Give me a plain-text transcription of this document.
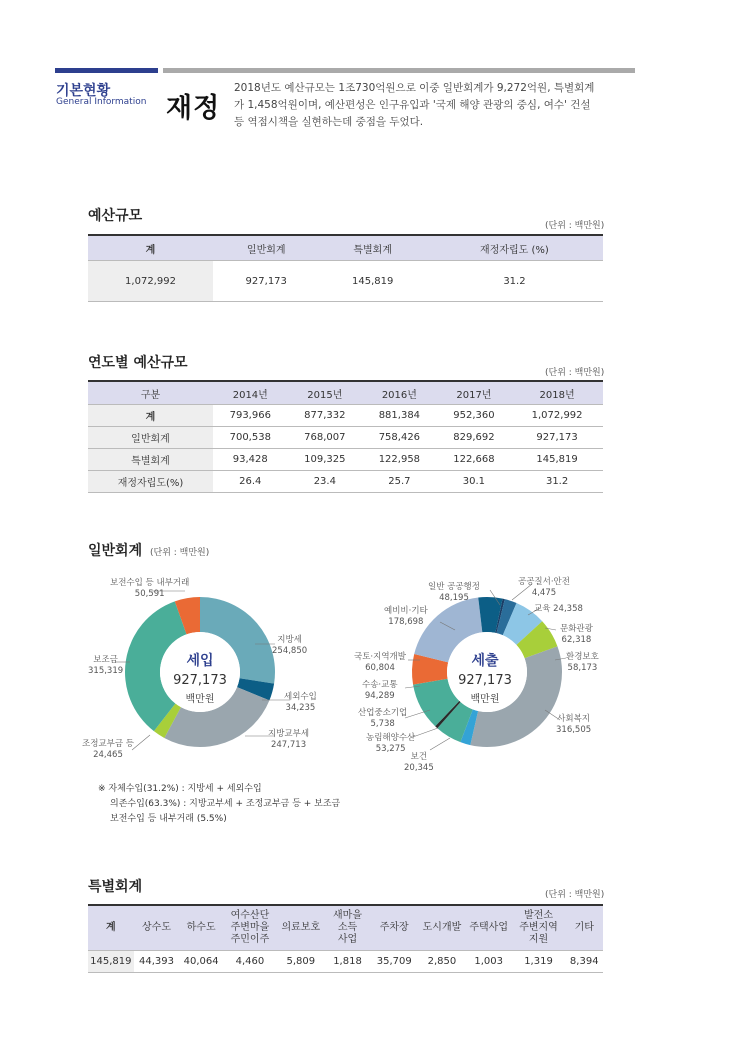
기본현황
General Information 재정
2018년도 예산규모는 1조730억원으로 이중 일반회계가 9,272억원, 특별회계가 1,458억원이며, 예산편성은 인구유입과 '국제 해양 관광의 중심, 여수' 건설 등 역점시책을 실현하는데 중점을 두었다.
예산규모
(단위 : 백만원)
계	일반회계	특별회계	재정자립도 (%)
1,072,992	927,173	145,819	31.2
연도별 예산규모
(단위 : 백만원)
구분	2014년	2015년	2016년	2017년	2018년
계	793,966	877,332	881,384	952,360	1,072,992
일반회계	700,538	768,007	758,426	829,692	927,173
특별회계	93,428	109,325	122,958	122,668	145,819
재정자립도(%)	26.4	23.4	25.7	30.1	31.2
일반회계 (단위 : 백만원)
세입
927,173
백만원
세출
927,173
백만원
보전수입 등 내부거래
50,591
지방세
254,850
세외수입
34,235
지방교부세
247,713
조정교부금 등
24,465
보조금
315,319
일반 공공행정
48,195
공공질서·안전
4,475
교육 24,358
문화관광
62,318
환경보호
58,173
사회복지
316,505
보건
20,345
농림해양수산
53,275
산업중소기업
5,738
수송·교통
94,289
국토·지역개발
60,804
예비비·기타
178,698
※ 자체수입(31.2%) : 지방세 + 세외수입
의존수입(63.3%) : 지방교부세 + 조정교부금 등 + 보조금
보전수입 등 내부거래 (5.5%)
특별회계	(단위 : 백만원)
계	상수도	하수도	여수산단
주변마을
주민이주	의료보호	새마을
소득
사업	주차장	도시개발	주택사업	발전소
주변지역
지원	기타
145,819	44,393	40,064	4,460	5,809	1,818	35,709	2,850	1,003	1,319	8,394
